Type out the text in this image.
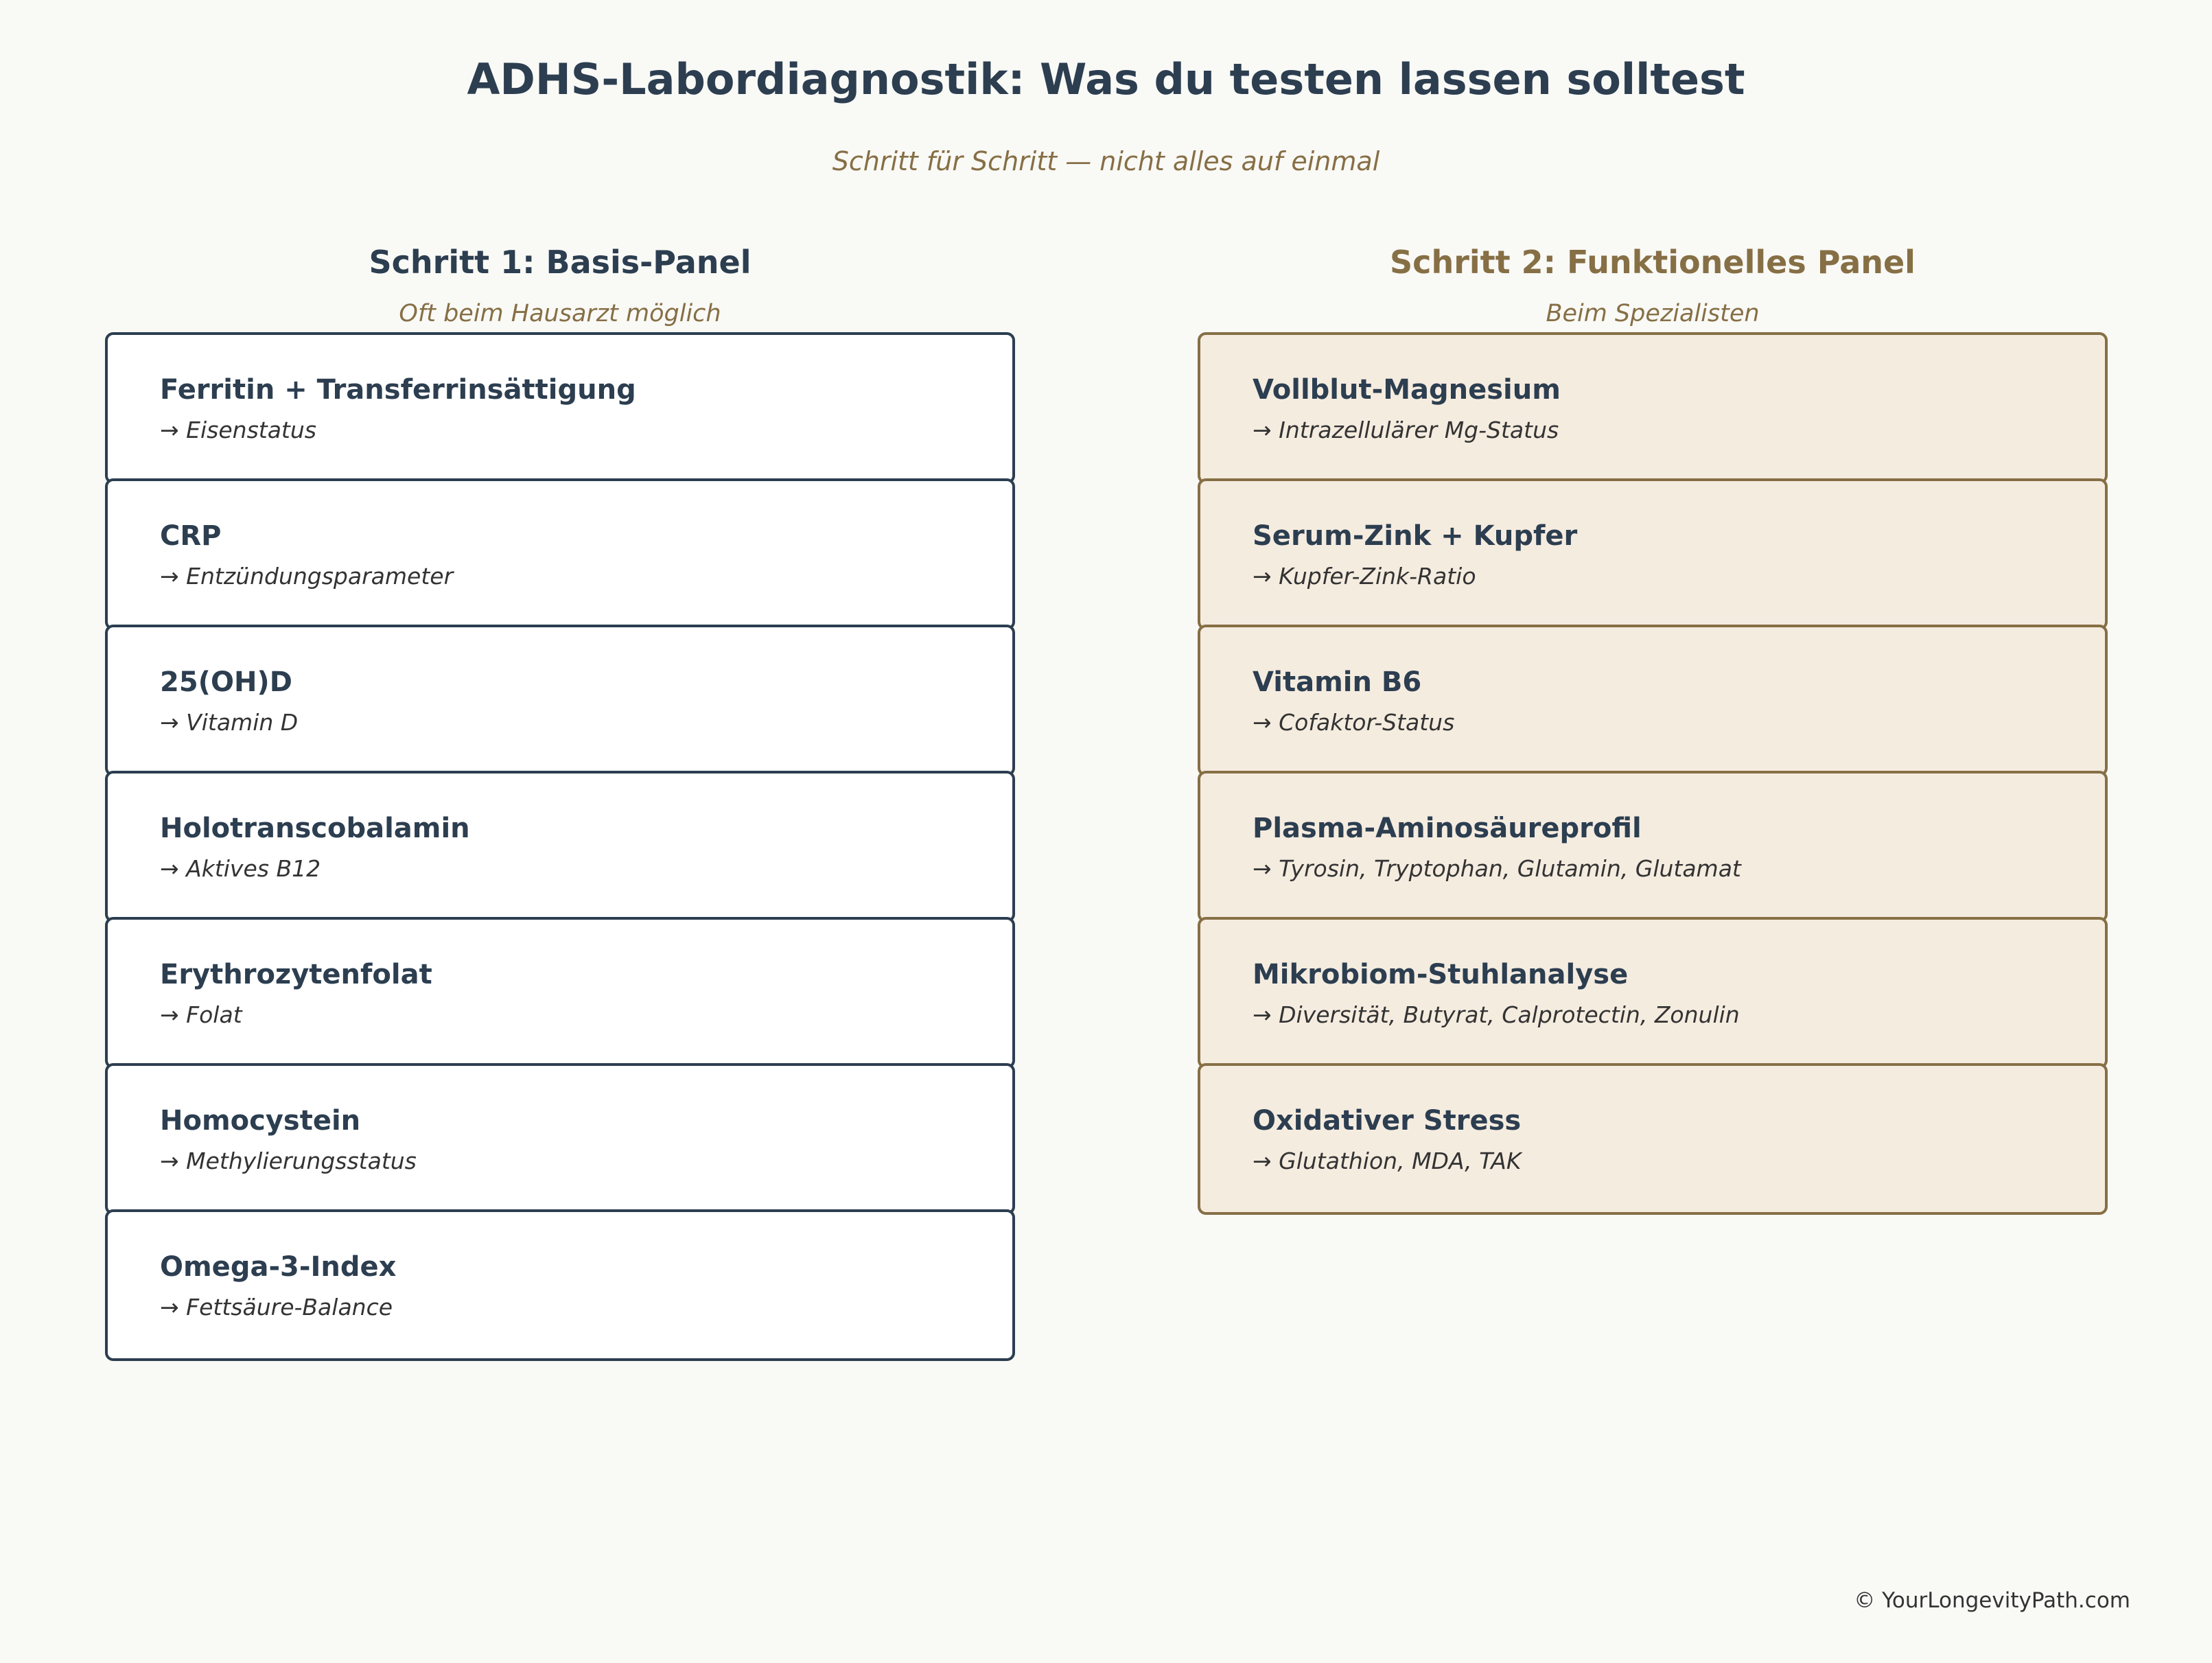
ADHS-Labordiagnostik: Was du testen lassen solltest
Schritt für Schritt — nicht alles auf einmal
Schritt 1: Basis-Panel
Oft beim Hausarzt möglich
Ferritin + Transferrinsättigung
→ Eisenstatus
CRP
→ Entzündungsparameter
25(OH)D
→ Vitamin D
Holotranscobalamin
→ Aktives B12
Erythrozytenfolat
→ Folat
Homocystein
→ Methylierungsstatus
Omega-3-Index
→ Fettsäure-Balance
Schritt 2: Funktionelles Panel
Beim Spezialisten
Vollblut-Magnesium
→ Intrazellulärer Mg-Status
Serum-Zink + Kupfer
→ Kupfer-Zink-Ratio
Vitamin B6
→ Cofaktor-Status
Plasma-Aminosäureprofil
→ Tyrosin, Tryptophan, Glutamin, Glutamat
Mikrobiom-Stuhlanalyse
→ Diversität, Butyrat, Calprotectin, Zonulin
Oxidativer Stress
→ Glutathion, MDA, TAK
© YourLongevityPath.com
